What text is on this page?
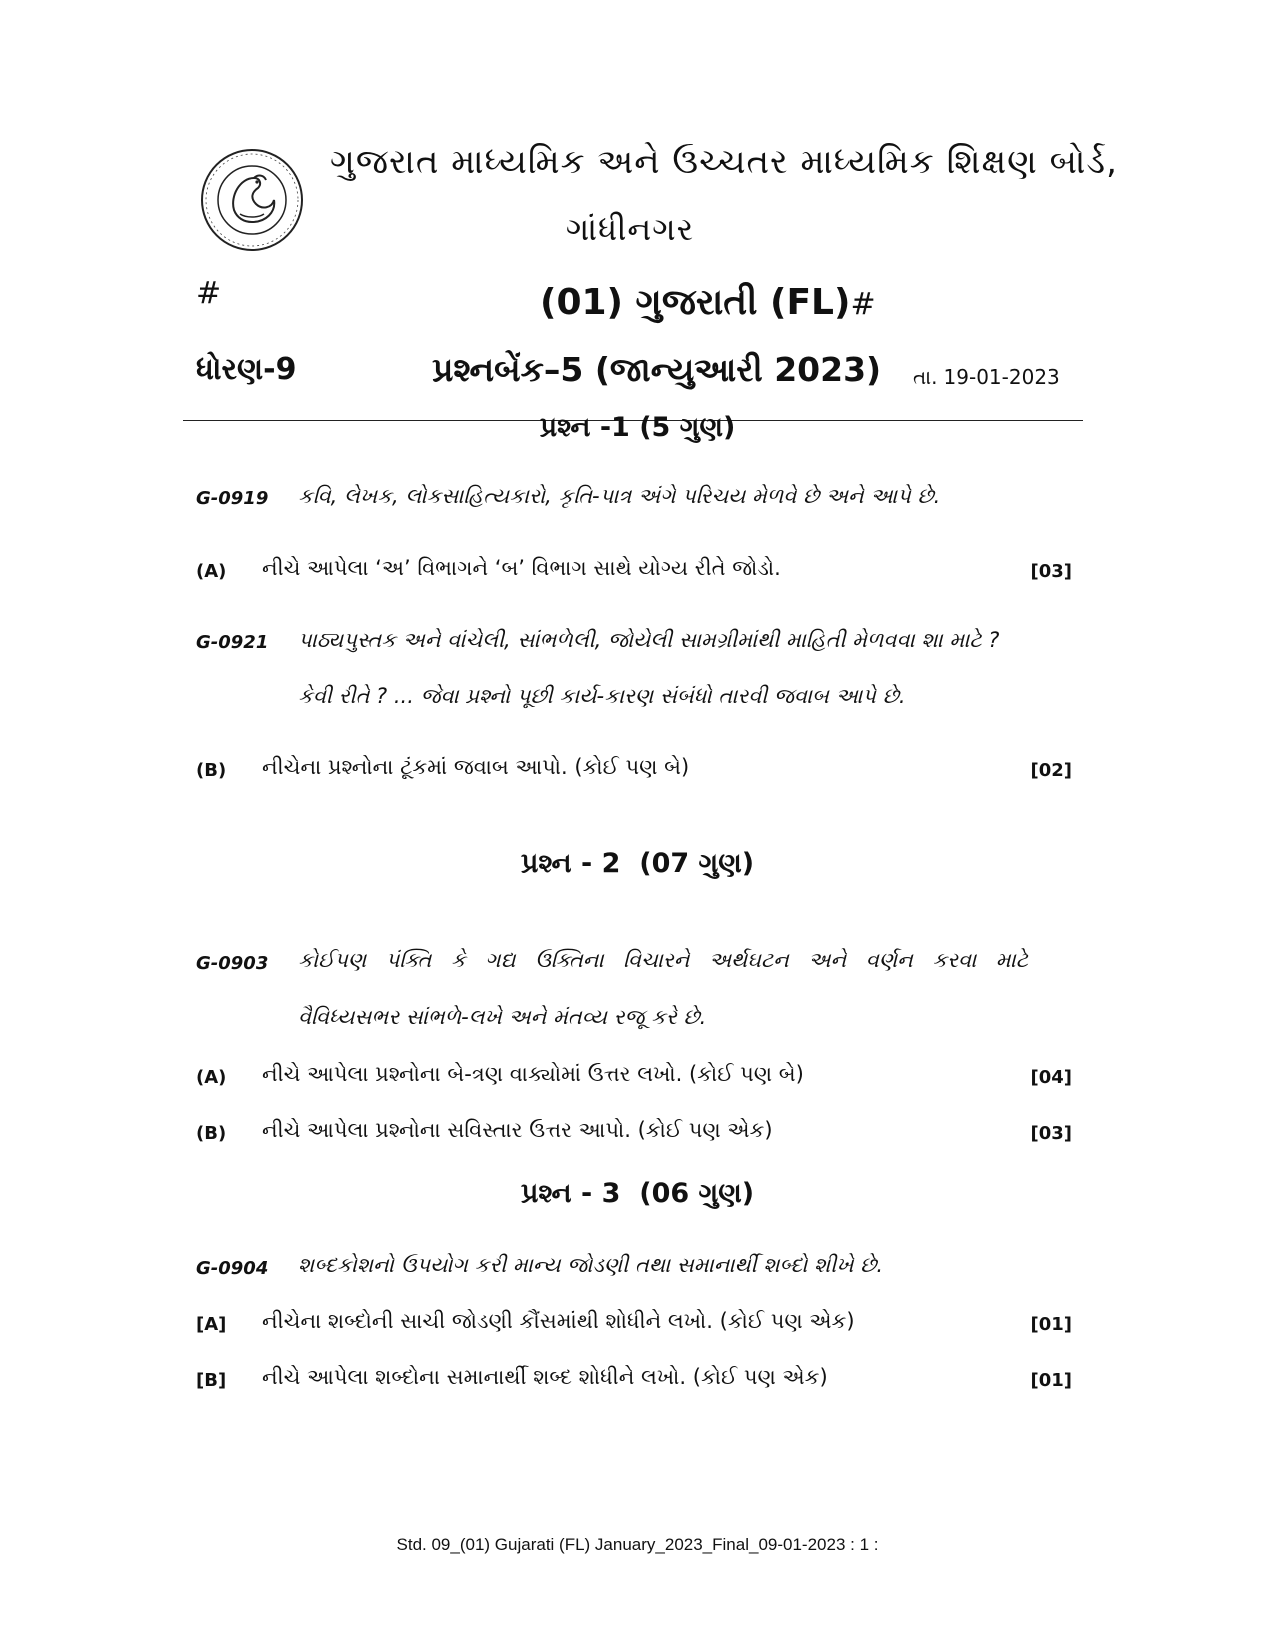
ગુજરાત માધ્યમિક અને ઉચ્ચતર માધ્યમિક શિક્ષણ બોર્ડ,
ગાંધીનગર
#	(01) ગુજરાતી (FL)#
ધોરણ-9	પ્રશ્નબેંક–5 (જાન્યુઆરી 2023) તા. 19-01-2023
પ્રશ્ન -1 (5 ગુણ)
G-0919 કવિ, લેખક, લોકસાહિત્યકારો, કૃતિ-પાત્ર અંગે પરિચય મેળવે છે અને આપે છે.
(A) નીચે આપેલા ‘અ’ વિભાગને ‘બ’ વિભાગ સાથે યોગ્ય રીતે જોડો.	[03]
G-0921 પાઠ્યપુસ્તક અને વાંચેલી, સાંભળેલી, જોયેલી સામગ્રીમાંથી માહિતી મેળવવા શા માટે ?
કેવી રીતે ? ... જેવા પ્રશ્નો પૂછી કાર્ય-કારણ સંબંધો તારવી જવાબ આપે છે.
(B) નીચેના પ્રશ્નોના ટૂંકમાં જવાબ આપો. (કોઈ પણ બે)	[02]
પ્રશ્ન - 2  (07 ગુણ)
G-0903 કોઈપણ પંક્તિ કે ગદ્ય ઉક્તિના વિચારને અર્થઘટન અને વર્ણન કરવા માટે
વૈવિધ્યસભર સાંભળે-લખે અને મંતવ્ય રજૂ કરે છે.
(A) નીચે આપેલા પ્રશ્નોના બે-ત્રણ વાક્યોમાં ઉત્તર લખો. (કોઈ પણ બે)	[04]
(B) નીચે આપેલા પ્રશ્નોના સવિસ્તાર ઉત્તર આપો. (કોઈ પણ એક)	[03]
પ્રશ્ન - 3  (06 ગુણ)
G-0904 શબ્દકોશનો ઉપયોગ કરી માન્ય જોડણી તથા સમાનાર્થી શબ્દો શીખે છે.
[A] નીચેના શબ્દોની સાચી જોડણી કૌંસમાંથી શોધીને લખો. (કોઈ પણ એક)	[01]
[B] નીચે આપેલા શબ્દોના સમાનાર્થી શબ્દ શોધીને લખો. (કોઈ પણ એક)	[01]
Std. 09_(01) Gujarati (FL) January_2023_Final_09-01-2023 : 1 :
